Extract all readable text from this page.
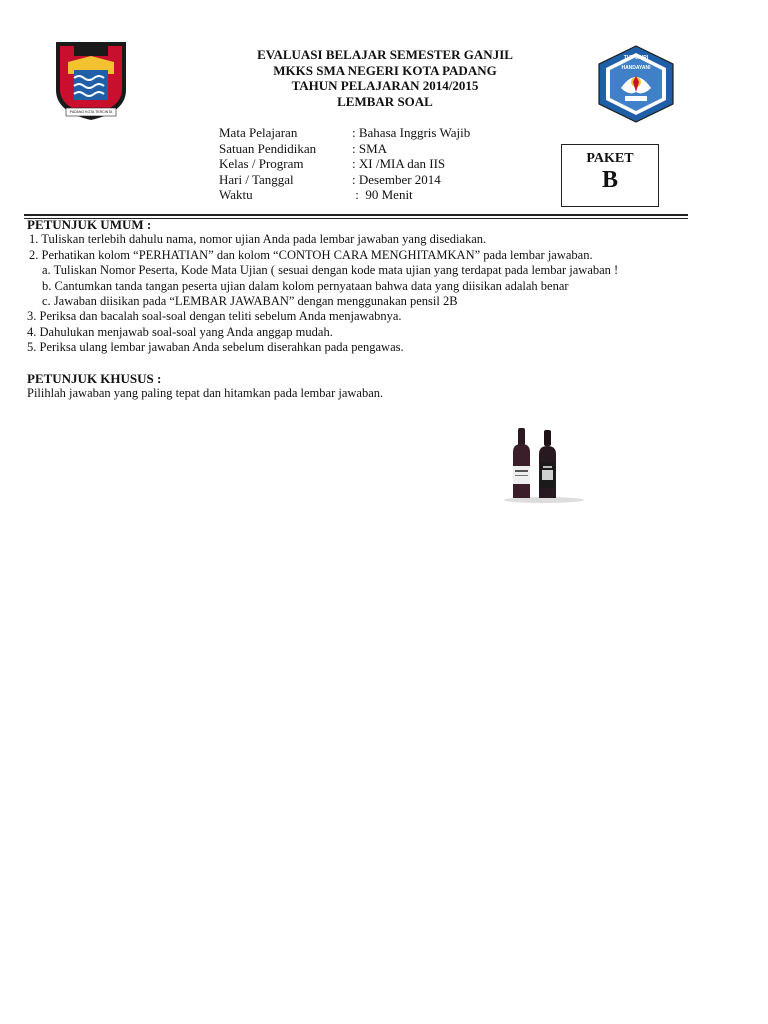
PADANG KOTA TERCINTA
EVALUASI BELAJAR SEMESTER GANJIL
MKKS SMA NEGERI KOTA PADANG
TAHUN PELAJARAN 2014/2015
LEMBAR SOAL
TUT WURI HANDAYANI
Mata Pelajaran	: Bahasa Inggris Wajib
Satuan Pendidikan	: SMA
Kelas / Program	: XI /MIA dan IIS
Hari / Tanggal	: Desember 2014
Waktu	:  90 Menit
PAKET
B
PETUNJUK UMUM :
1. Tuliskan terlebih dahulu nama, nomor ujian Anda pada lembar jawaban yang disediakan.
2. Perhatikan kolom “PERHATIAN” dan kolom “CONTOH CARA MENGHITAMKAN” pada lembar jawaban.
a. Tuliskan Nomor Peserta, Kode Mata Ujian ( sesuai dengan kode mata ujian yang terdapat pada lembar jawaban !
b. Cantumkan tanda tangan peserta ujian dalam kolom pernyataan bahwa data yang diisikan adalah benar
c. Jawaban diisikan pada “LEMBAR JAWABAN” dengan menggunakan pensil 2B
3. Periksa dan bacalah soal-soal dengan teliti sebelum Anda menjawabnya.
4. Dahulukan menjawab soal-soal yang Anda anggap mudah.
5. Periksa ulang lembar jawaban Anda sebelum diserahkan pada pengawas.
PETUNJUK KHUSUS :
Pilihlah jawaban yang paling tepat dan hitamkan pada lembar jawaban.
